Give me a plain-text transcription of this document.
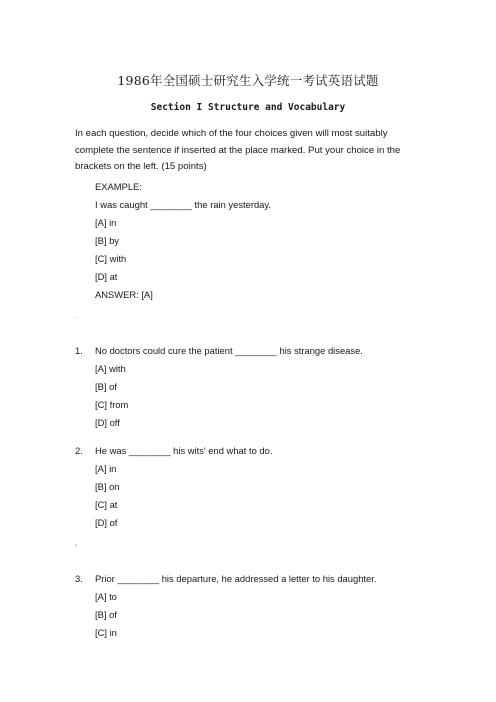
1986年全国硕士研究生入学统一考试英语试题
Section I Structure and Vocabulary
In each question, decide which of the four choices given will most suitably complete the sentence if inserted at the place marked. Put your choice in the brackets on the left. (15 points)
EXAMPLE:
I was caught ________ the rain yesterday.
[A] in
[B] by
[C] with
[D] at
ANSWER: [A]
`
1. No doctors could cure the patient ________ his strange disease.
[A] with
[B] of
[C] from
[D] off
2. He was ________ his wits' end what to do.
[A] in
[B] on
[C] at
[D] of
"
3. Prior ________ his departure, he addressed a letter to his daughter.
[A] to
[B] of
[C] in
